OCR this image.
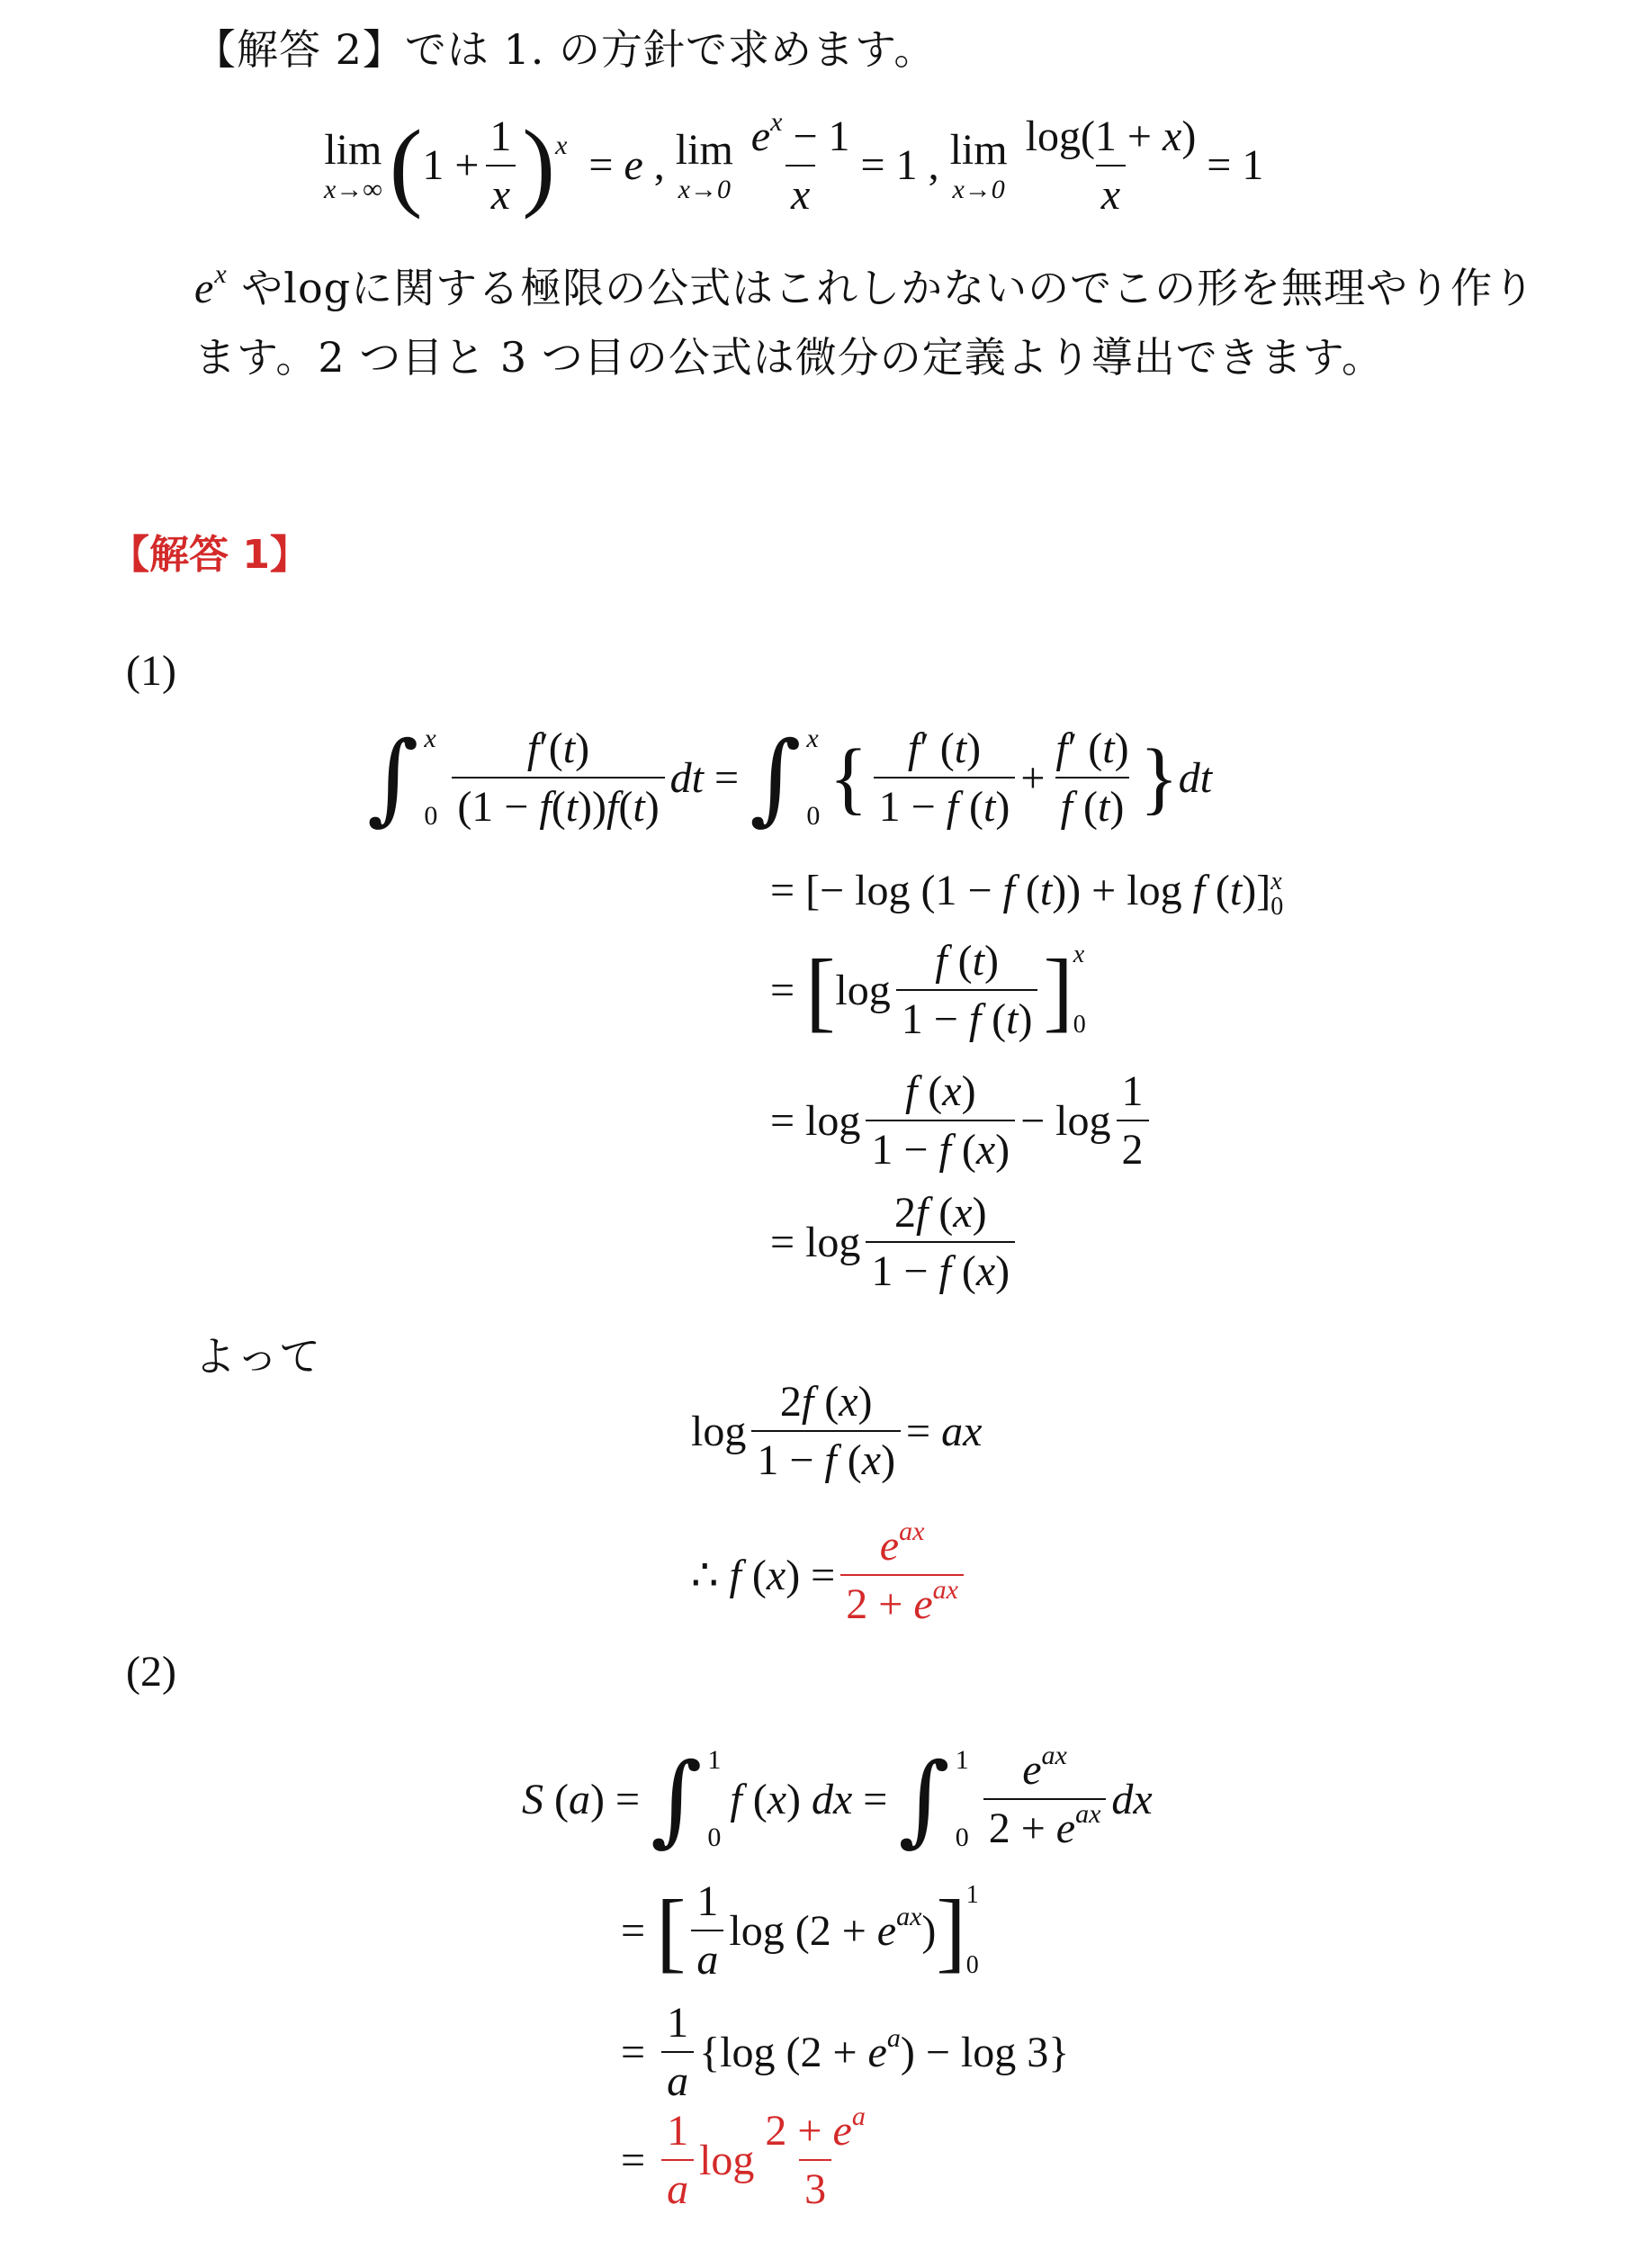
【解答 2】では 1. の方針で求めます。
lim
x→∞ ( $1 + \frac{1}{x}$ ) x = e , lim
$x\to 0 \frac{e^x - 1}{x} = 1$ , lim
$x\to 0 \frac{\log(1 + x)}{x} = 1$
$e^x$ やlogに関する極限の公式はこれしかないのでこの形を無理やり作り
ます。2 つ目と 3 つ目の公式は微分の定義より導出できます。
【解答 1】
(1)
∫ x
$0 \frac{f'(t)}{(1 - f(t))f(t)}$ dt = ∫ x
0 { $\frac{f' (t)}{1 - f (t)} + \frac{f' (t)}{f (t)}$ } dt
= [− log (1 − f (t)) + log f (t)] x
0
= [ $\log \frac{f (t)}{1 - f (t)}$ ] x
0
= $\log \frac{f (x)}{1 - f (x)} - \log \frac{1}{2}$
= $\log \frac{2f (x)}{1 - f (x)}$
よって
$\log \frac{2f (x)}{1 - f (x)}$ = ax
∴ f $(x) = \frac{e^{ax}}{2 + e^{ax}}$
(2)
S (a) = ∫ 1
0
f (x) dx = ∫ 1
$0 \frac{e^{ax}}{2 + e^{ax}}$ dx
= [ $\frac{1}{a}$ $\log (2 + e^{ax})$ ] 1
0
= $\frac{1}{a} \{\log$ $(2 + e^a) - \log 3$}
= $\frac{1}{a}$ $\log \frac{2 + e^a}{3}$
